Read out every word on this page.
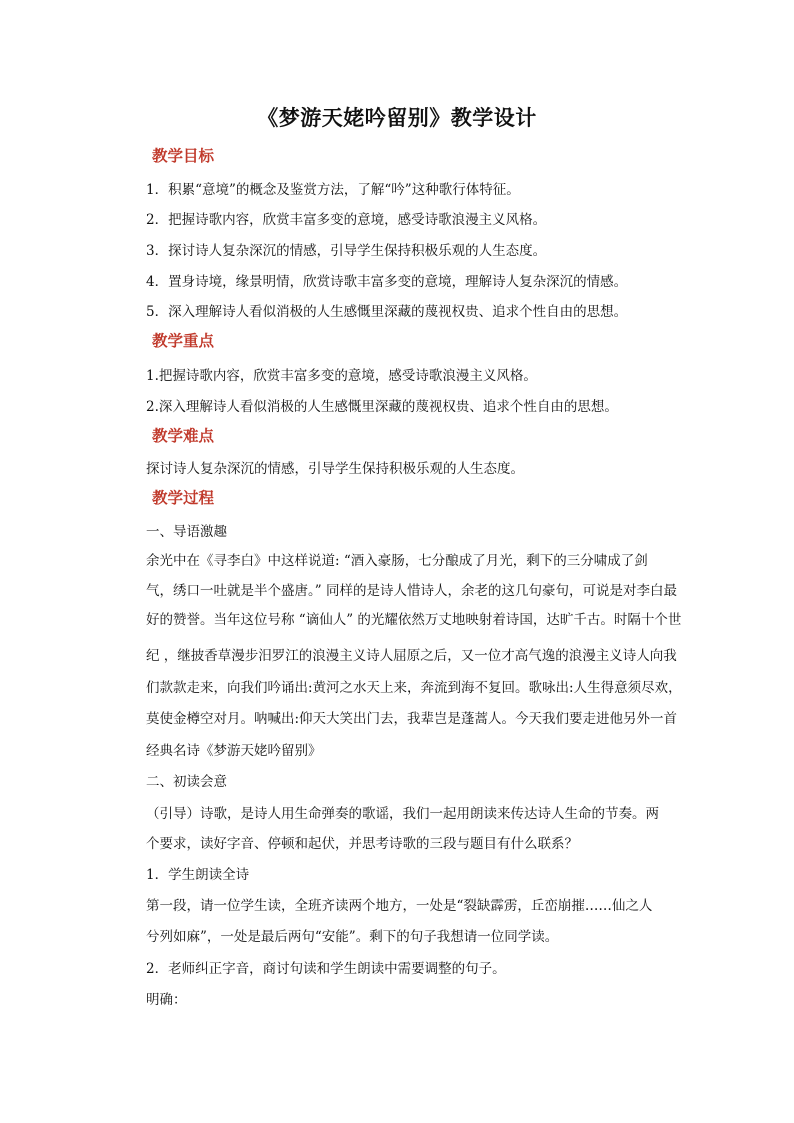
《梦游天姥吟留别》教学设计
教学目标

1．积累“意境”的概念及鉴赏方法，了解“吟”这种歌行体特征。

2．把握诗歌内容，欣赏丰富多变的意境，感受诗歌浪漫主义风格。

3．探讨诗人复杂深沉的情感，引导学生保持积极乐观的人生态度。

4．置身诗境，缘景明情，欣赏诗歌丰富多变的意境，理解诗人复杂深沉的情感。

5．深入理解诗人看似消极的人生感慨里深藏的蔑视权贵、追求个性自由的思想。

教学重点

1.把握诗歌内容，欣赏丰富多变的意境，感受诗歌浪漫主义风格。

2.深入理解诗人看似消极的人生感慨里深藏的蔑视权贵、追求个性自由的思想。

教学难点

探讨诗人复杂深沉的情感，引导学生保持积极乐观的人生态度。

教学过程

一、导语激趣

余光中在《寻李白》中这样说道: “酒入豪肠，七分酿成了月光，剩下的三分啸成了剑

气，绣口一吐就是半个盛唐。” 同样的是诗人惜诗人，余老的这几句豪句，可说是对李白最

好的赞誉。当年这位号称 “谪仙人” 的光耀依然万丈地映射着诗国，达旷千古。时隔十个世

纪 ，继披香草漫步汨罗江的浪漫主义诗人屈原之后，又一位才高气逸的浪漫主义诗人向我

们款款走来，向我们吟诵出:黄河之水天上来，奔流到海不复回。歌咏出:人生得意须尽欢，

莫使金樽空对月。呐喊出:仰天大笑出门去，我辈岂是蓬蒿人。今天我们要走进他另外一首

经典名诗《梦游天姥吟留别》

二、初读会意

（引导）诗歌，是诗人用生命弹奏的歌谣，我们一起用朗读来传达诗人生命的节奏。两

个要求，读好字音、停顿和起伏，并思考诗歌的三段与题目有什么联系？

1．学生朗读全诗

第一段，请一位学生读，全班齐读两个地方，一处是“裂缺霹雳，丘峦崩摧……仙之人

兮列如麻”，一处是最后两句“安能”。剩下的句子我想请一位同学读。

2．老师纠正字音，商讨句读和学生朗读中需要调整的句子。

明确：
